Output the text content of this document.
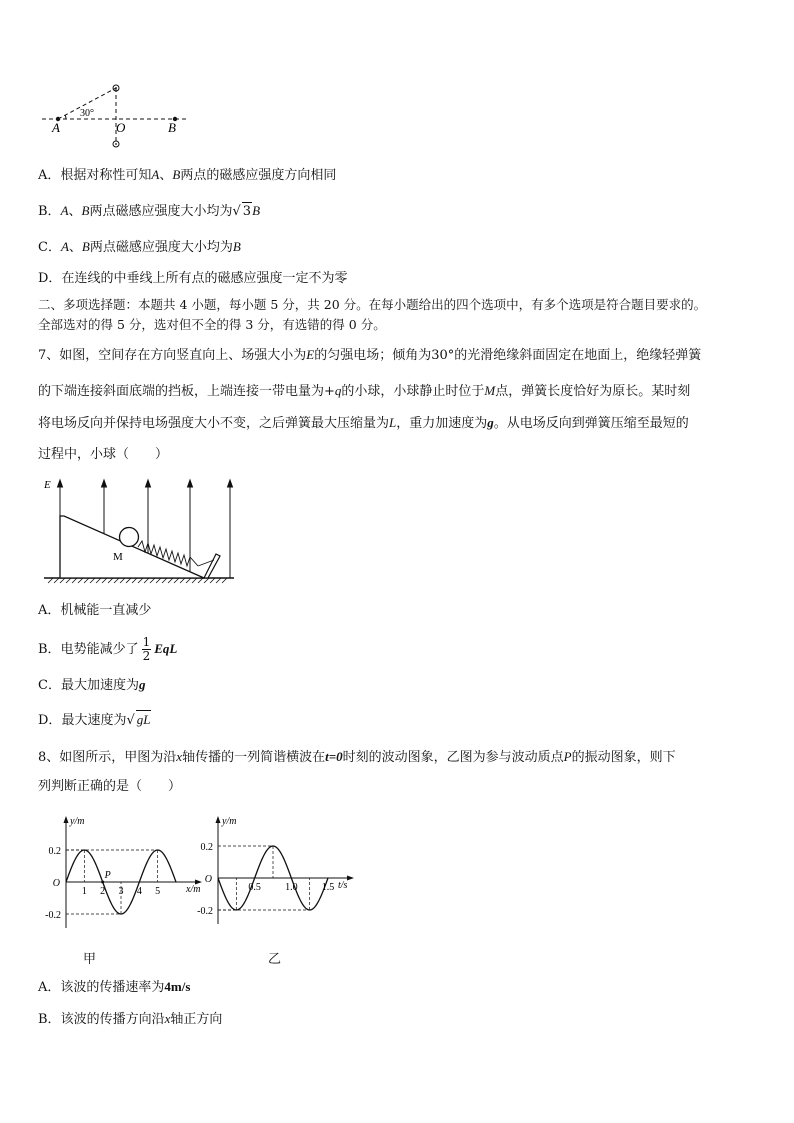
30°
A	O	B
A．根据对称性可知A、B两点的磁感应强度方向相同
B．A、B两点磁感应强度大小均为√ 3B
C．A、B两点磁感应强度大小均为B
D．在连线的中垂线上所有点的磁感应强度一定不为零
二、多项选择题：本题共 4 小题，每小题 5 分，共 20 分。在每小题给出的四个选项中，有多个选项是符合题目要求的。
全部选对的得 5 分，选对但不全的得 3 分，有选错的得 0 分。
7、如图，空间存在方向竖直向上、场强大小为E的匀强电场；倾角为30°的光滑绝缘斜面固定在地面上，绝缘轻弹簧
的下端连接斜面底端的挡板，上端连接一带电量为+q的小球，小球静止时位于M点，弹簧长度恰好为原长。某时刻
将电场反向并保持电场强度大小不变，之后弹簧最大压缩量为L，重力加速度为g。从电场反向到弹簧压缩至最短的
过程中，小球（　　）
E
M
A．机械能一直减少
B．电势能减少了 $\frac{1}{2}$ EqL
C．最大加速度为g
D．最大速度为√ gL
8、如图所示，甲图为沿x轴传播的一列简谐横波在t=0时刻的波动图象，乙图为参与波动质点P的振动图象，则下
列判断正确的是（　　）
y/m
x/m
0.2
O
-0.2
1 2 3 4 5
P
y/m
t/s
0.2
O
-0.2
0.5 1.0 1.5
甲	乙
A．该波的传播速率为4m/s
B．该波的传播方向沿x轴正方向
